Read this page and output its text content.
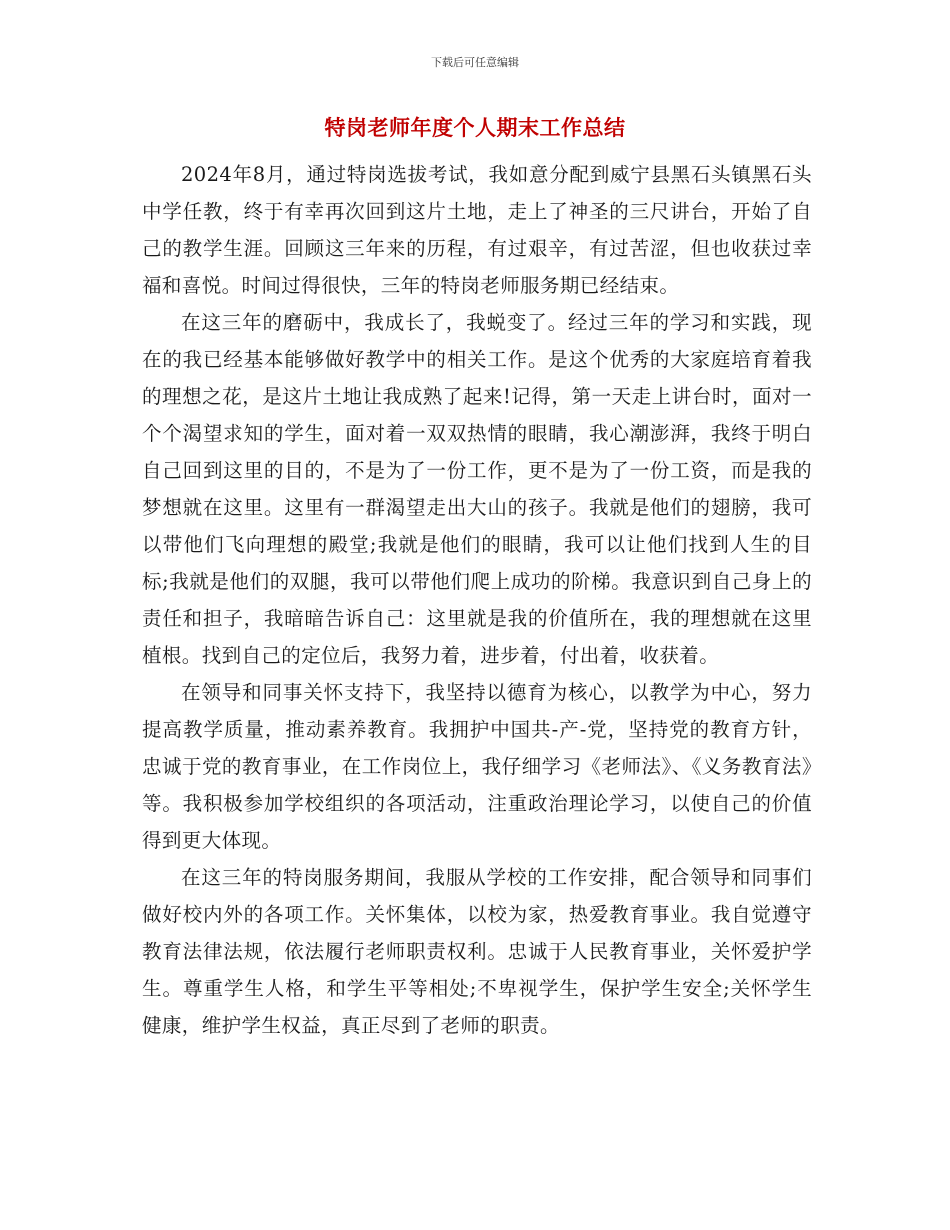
下载后可任意编辑
特岗老师年度个人期末工作总结

2024年8月，通过特岗选拔考试，我如意分配到威宁县黑石头镇黑石头中学任教，终于有幸再次回到这片土地，走上了神圣的三尺讲台，开始了自己的教学生涯。回顾这三年来的历程，有过艰辛，有过苦涩，但也收获过幸福和喜悦。时间过得很快，三年的特岗老师服务期已经结束。

在这三年的磨砺中，我成长了，我蜕变了。经过三年的学习和实践，现在的我已经基本能够做好教学中的相关工作。是这个优秀的大家庭培育着我的理想之花，是这片土地让我成熟了起来!记得，第一天走上讲台时，面对一个个渴望求知的学生，面对着一双双热情的眼睛，我心潮澎湃，我终于明白自己回到这里的目的，不是为了一份工作，更不是为了一份工资，而是我的梦想就在这里。这里有一群渴望走出大山的孩子。我就是他们的翅膀，我可以带他们飞向理想的殿堂;我就是他们的眼睛，我可以让他们找到人生的目标;我就是他们的双腿，我可以带他们爬上成功的阶梯。我意识到自己身上的责任和担子，我暗暗告诉自己：这里就是我的价值所在，我的理想就在这里植根。找到自己的定位后，我努力着，进步着，付出着，收获着。

在领导和同事关怀支持下，我坚持以德育为核心，以教学为中心，努力提高教学质量，推动素养教育。我拥护中国共-产-党，坚持党的教育方针，忠诚于党的教育事业，在工作岗位上，我仔细学习《老师法》、《义务教育法》等。我积极参加学校组织的各项活动，注重政治理论学习，以使自己的价值得到更大体现。

在这三年的特岗服务期间，我服从学校的工作安排，配合领导和同事们做好校内外的各项工作。关怀集体，以校为家，热爱教育事业。我自觉遵守教育法律法规，依法履行老师职责权利。忠诚于人民教育事业，关怀爱护学生。尊重学生人格，和学生平等相处;不卑视学生，保护学生安全;关怀学生健康，维护学生权益，真正尽到了老师的职责。
